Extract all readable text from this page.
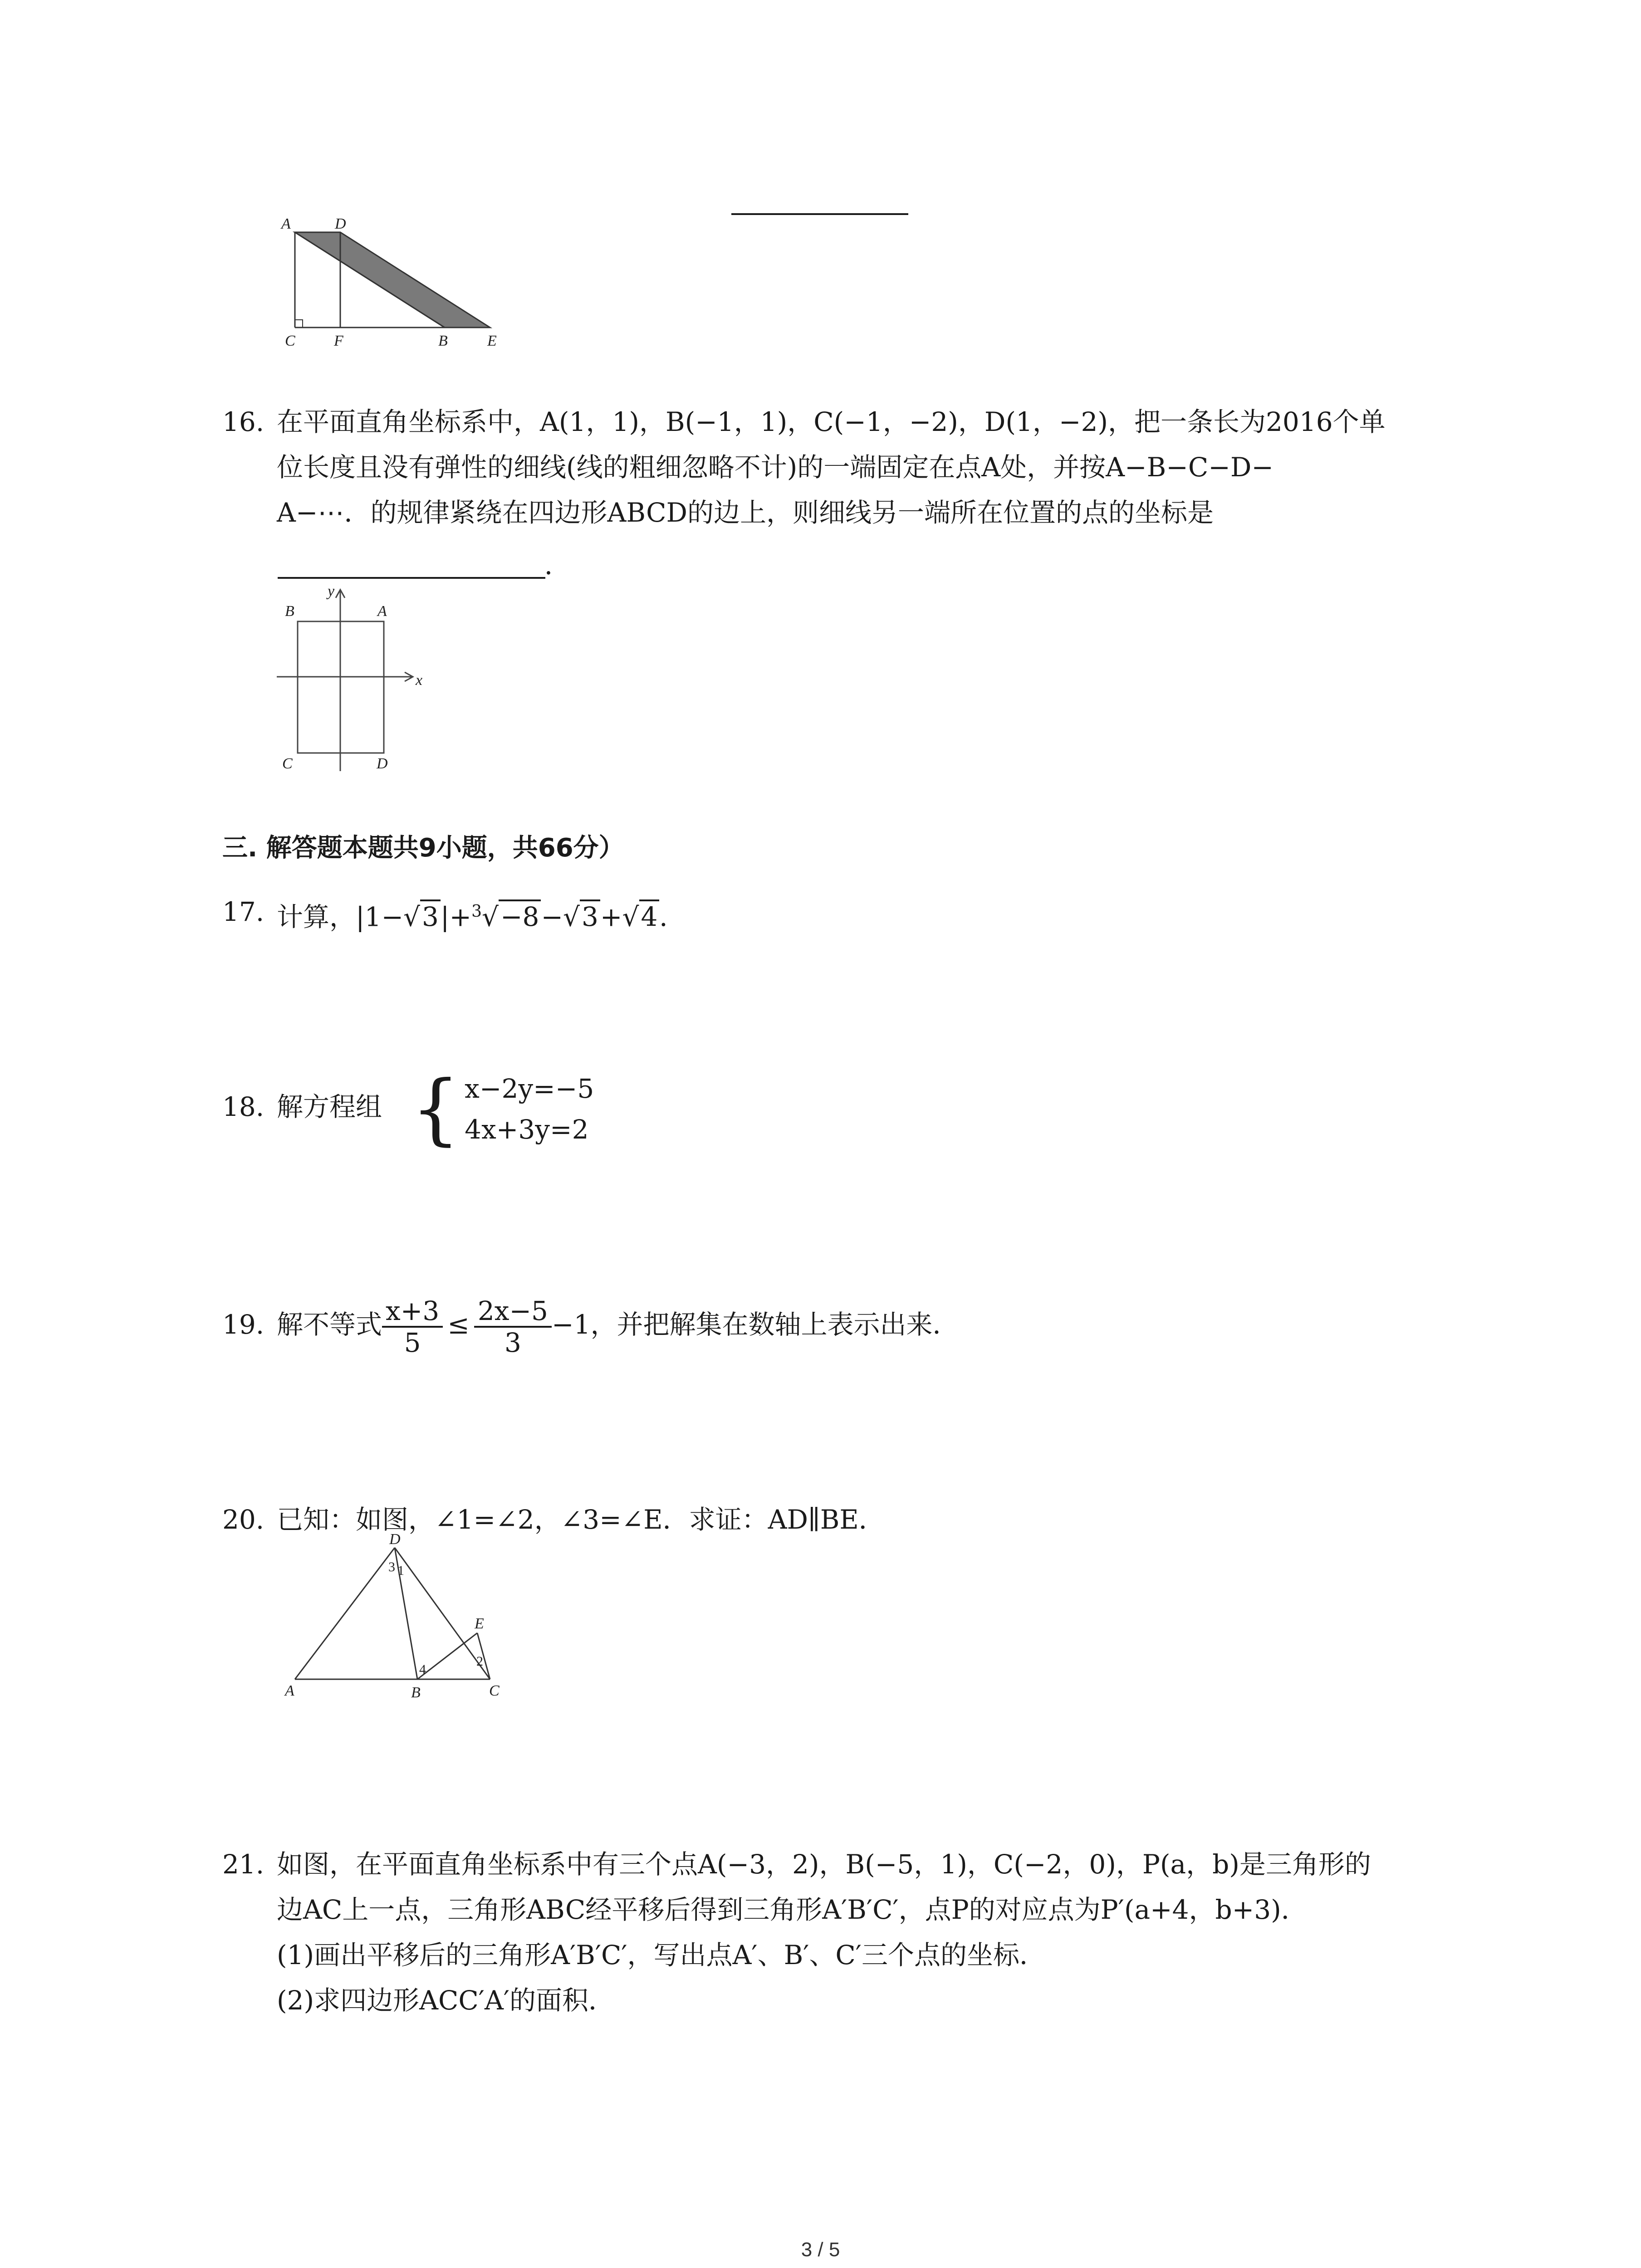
A	D
C	F	B	E
16. 在平面直角坐标系中，A(1，1)，B(−1，1)，C(−1，−2)，D(1，−2)，把一条长为2016个单
位长度且没有弹性的细线(线的粗细忽略不计)的一端固定在点A处，并按A−B−C−D−
A−⋯．的规律紧绕在四边形ABCD的边上，则细线另一端所在位置的点的坐标是
．
B	A
C	D
x
y
三. 解答题本题共9小题，共66分）
17. 计算，|1−√3|+$^3$√−8−√3+√4．
18. 解方程组 { x−2y=−5
4x+3y=2
19. 解不等式 $\frac{x+3}{5} \le \frac{2x-5}{3} -1$，并把解集在数轴上表示出来．
20. 已知：如图，∠1=∠2，∠3=∠E．求证：AD∥BE．
D
E
A	B	C
3 1
4
2
21. 如图，在平面直角坐标系中有三个点A(−3，2)，B(−5，1)，C(−2，0)，P(a，b)是三角形的
边AC上一点，三角形ABC经平移后得到三角形A′B′C′，点P的对应点为P′(a+4，b+3)．
(1)画出平移后的三角形A′B′C′，写出点A′、B′、C′三个点的坐标．
(2)求四边形ACC′A′的面积．
3 / 5
